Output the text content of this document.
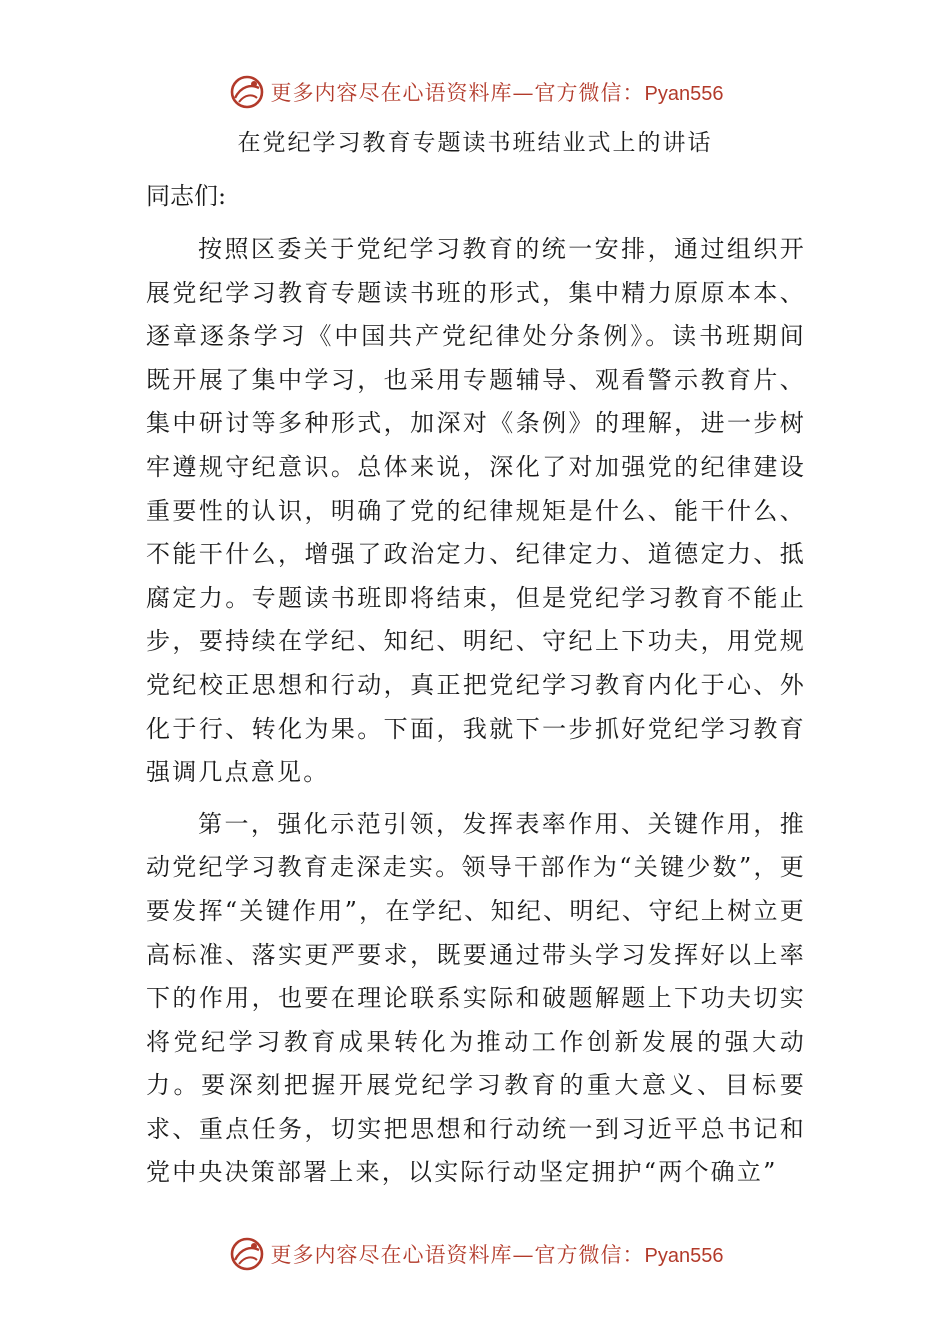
更多内容尽在心语资料库—官方微信：Pyan556
在党纪学习教育专题读书班结业式上的讲话

同志们:

按照区委关于党纪学习教育的统一安排，通过组织开展党纪学习教育专题读书班的形式，集中精力原原本本、逐章逐条学习《中国共产党纪律处分条例》。读书班期间既开展了集中学习，也采用专题辅导、观看警示教育片、集中研讨等多种形式，加深对《条例》的理解，进一步树牢遵规守纪意识。总体来说，深化了对加强党的纪律建设重要性的认识，明确了党的纪律规矩是什么、能干什么、不能干什么，增强了政治定力、纪律定力、道德定力、抵腐定力。专题读书班即将结束，但是党纪学习教育不能止步，要持续在学纪、知纪、明纪、守纪上下功夫，用党规党纪校正思想和行动，真正把党纪学习教育内化于心、外化于行、转化为果。下面，我就下一步抓好党纪学习教育强调几点意见。

第一，强化示范引领，发挥表率作用、关键作用，推动党纪学习教育走深走实。领导干部作为“关键少数”，更要发挥“关键作用”，在学纪、知纪、明纪、守纪上树立更高标准、落实更严要求，既要通过带头学习发挥好以上率下的作用，也要在理论联系实际和破题解题上下功夫切实将党纪学习教育成果转化为推动工作创新发展的强大动力。要深刻把握开展党纪学习教育的重大意义、目标要求、重点任务，切实把思想和行动统一到习近平总书记和党中央决策部署上来，以实际行动坚定拥护“两个确立”

更多内容尽在心语资料库—官方微信：Pyan556
